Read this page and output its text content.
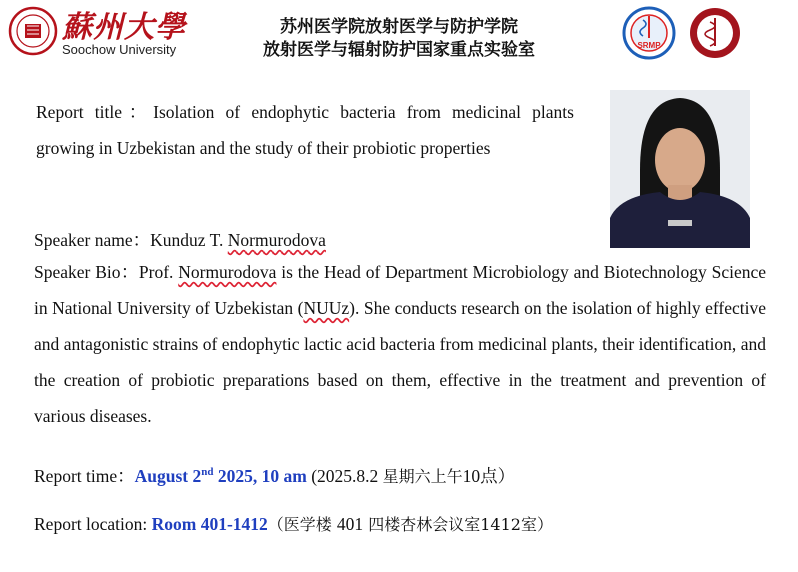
蘇州大學
Soochow University
苏州医学院放射医学与防护学院
放射医学与辐射防护国家重点实验室	SRMP
Report title：Isolation of endophytic bacteria from medicinal plants growing in Uzbekistan and the study of their probiotic properties
Speaker name：Kunduz T. Normurodova
Speaker Bio：Prof. Normurodova is the Head of Department Microbiology and Biotechnology Science in National University of Uzbekistan (NUUz). She conducts research on the isolation of highly effective and antagonistic strains of endophytic lactic acid bacteria from medicinal plants, their identification, and the creation of probiotic preparations based on them, effective in the treatment and prevention of various diseases.
Report time：August 2nd 2025, 10 am (2025.8.2 星期六上午10点）
Report location: Room 401-1412（医学楼 401 四楼杏林会议室1412室）
